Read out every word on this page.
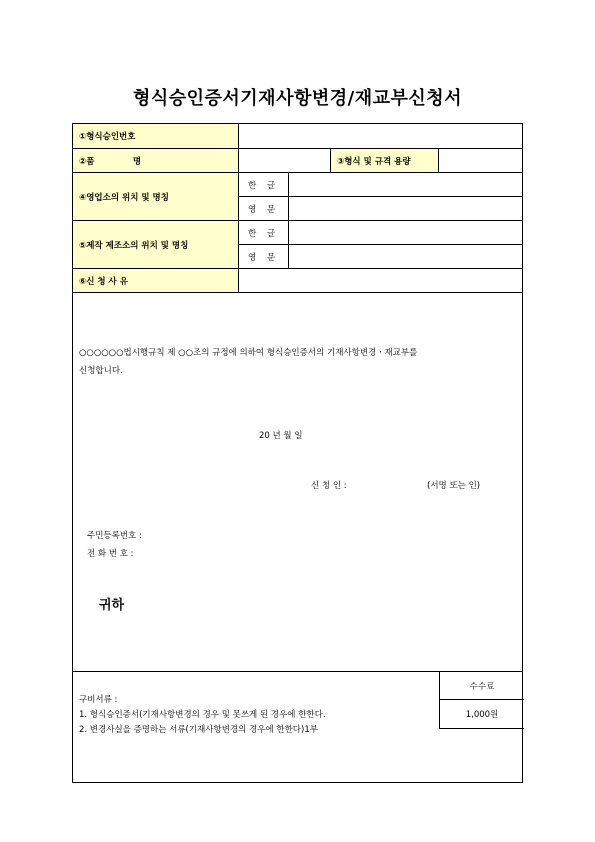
형식승인증서기재사항변경/재교부신청서
①형식승인번호
②품             명	③형식 및 규격 용량
④영업소의 위치 및 명칭
한 글
영 문
⑤제작 제조소의 위치 및 명칭
한 글
영 문
⑥신 청 사 유
○○○○○○법시행규칙 제 ○○조의 규정에 의하여 형식승인증서의 기재사항변경ㆍ재교부를
신청합니다.
20 년 월 일
신 청 인 :	(서명 또는 인)
주민등록번호 :
전 화 번 호 :
귀하
구비서류 :
1. 형식승인증서(기재사항변경의 경우 및 못쓰게 된 경우에 한한다.
2. 변경사실을 증명하는 서류(기재사항변경의 경우에 한한다)1부
수수료
1,000원
